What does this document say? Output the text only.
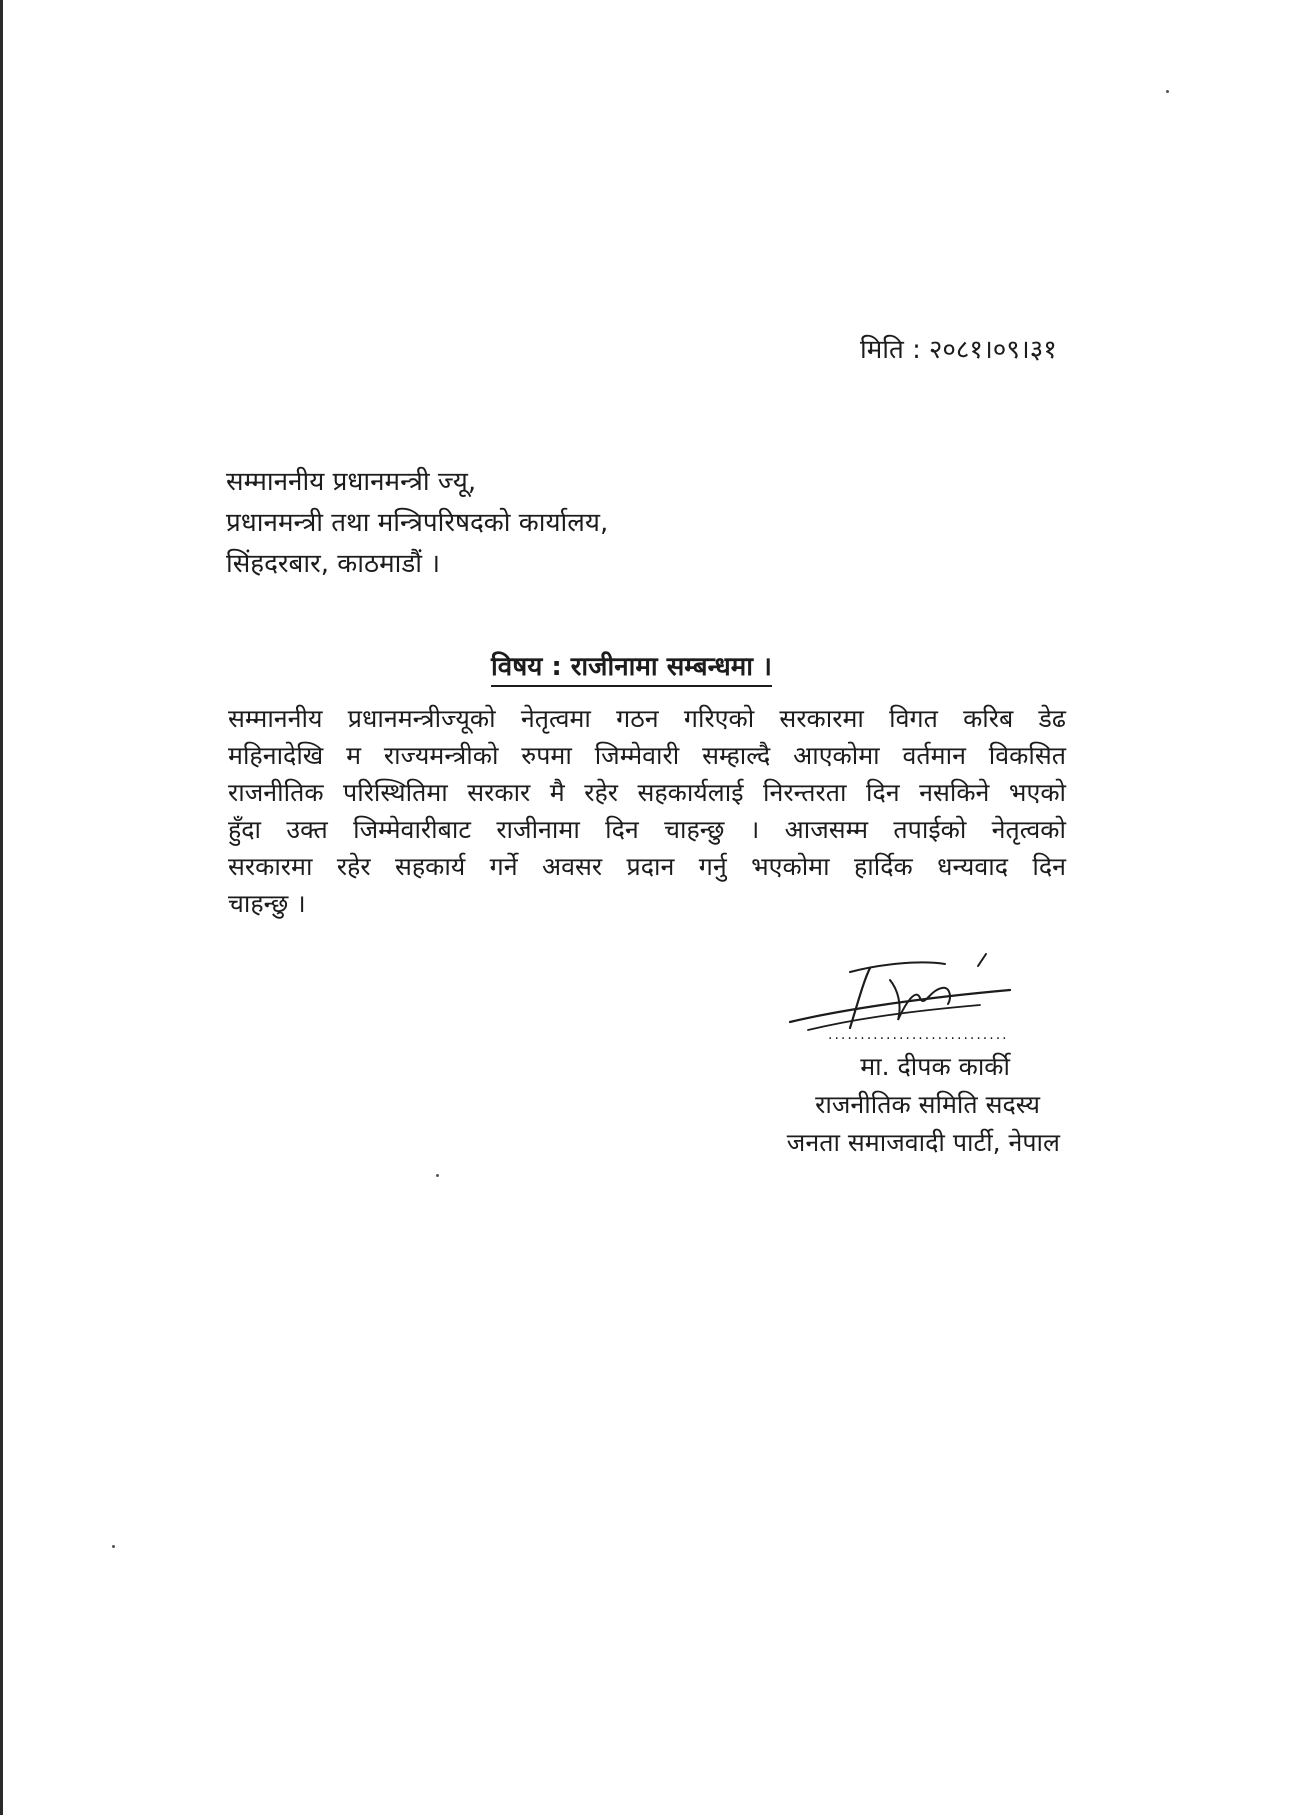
मिति : २०८१।०९।३१
सम्माननीय प्रधानमन्त्री ज्यू,
प्रधानमन्त्री तथा मन्त्रिपरिषदको कार्यालय,
सिंहदरबार, काठमाडौं ।
विषय : राजीनामा सम्बन्धमा ।
सम्माननीय प्रधानमन्त्रीज्यूको नेतृत्वमा गठन गरिएको सरकारमा विगत करिब डेढ
महिनादेखि म राज्यमन्त्रीको रुपमा जिम्मेवारी सम्हाल्दै आएकोमा वर्तमान विकसित
राजनीतिक परिस्थितिमा सरकार मै रहेर सहकार्यलाई निरन्तरता दिन नसकिने भएको
हुँदा उक्त जिम्मेवारीबाट राजीनामा दिन चाहन्छु । आजसम्म तपाईको नेतृत्वको
सरकारमा रहेर सहकार्य गर्ने अवसर प्रदान गर्नु भएकोमा हार्दिक धन्यवाद दिन
चाहन्छु ।
............................
मा. दीपक कार्की
राजनीतिक समिति सदस्य
जनता समाजवादी पार्टी, नेपाल
